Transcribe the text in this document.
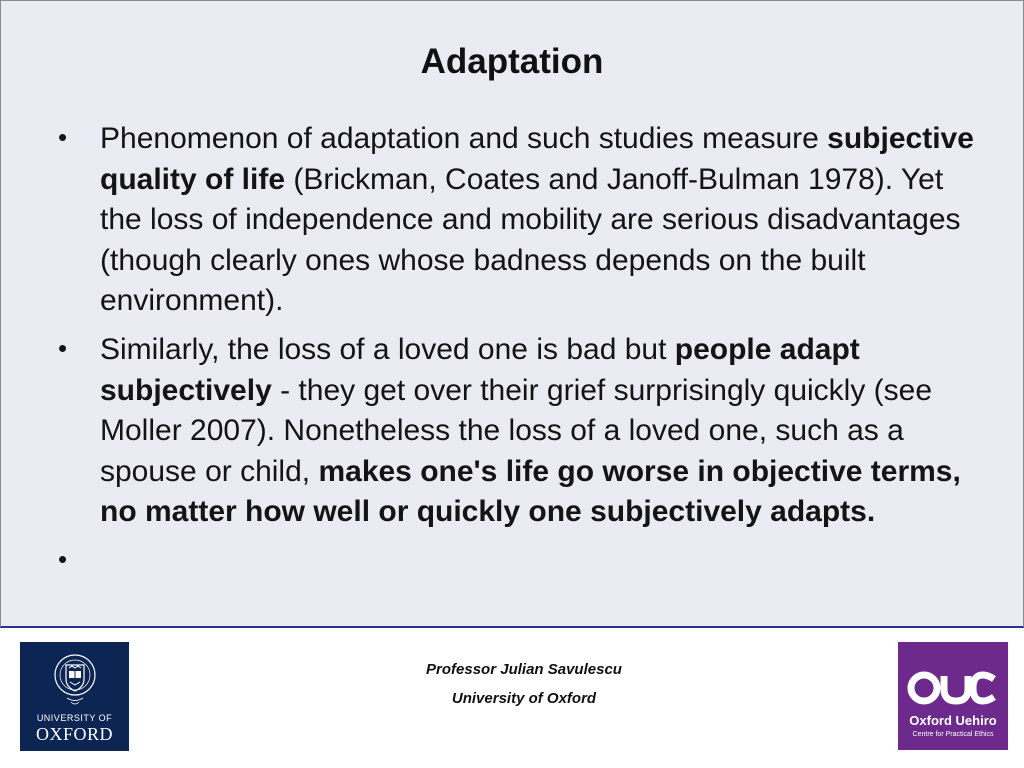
Adaptation
• Phenomenon of adaptation and such studies measure subjective quality of life (Brickman, Coates and Janoff-Bulman 1978). Yet the loss of independence and mobility are serious disadvantages (though clearly ones whose badness depends on the built environment).
• Similarly, the loss of a loved one is bad but people adapt subjectively - they get over their grief surprisingly quickly (see Moller 2007). Nonetheless the loss of a loved one, such as a spouse or child, makes one's life go worse in objective terms, no matter how well or quickly one subjectively adapts.
•
Professor Julian Savulescu
University of Oxford
UNIVERSITY OF
OXFORD
Oxford Uehiro
Centre for Practical Ethics
